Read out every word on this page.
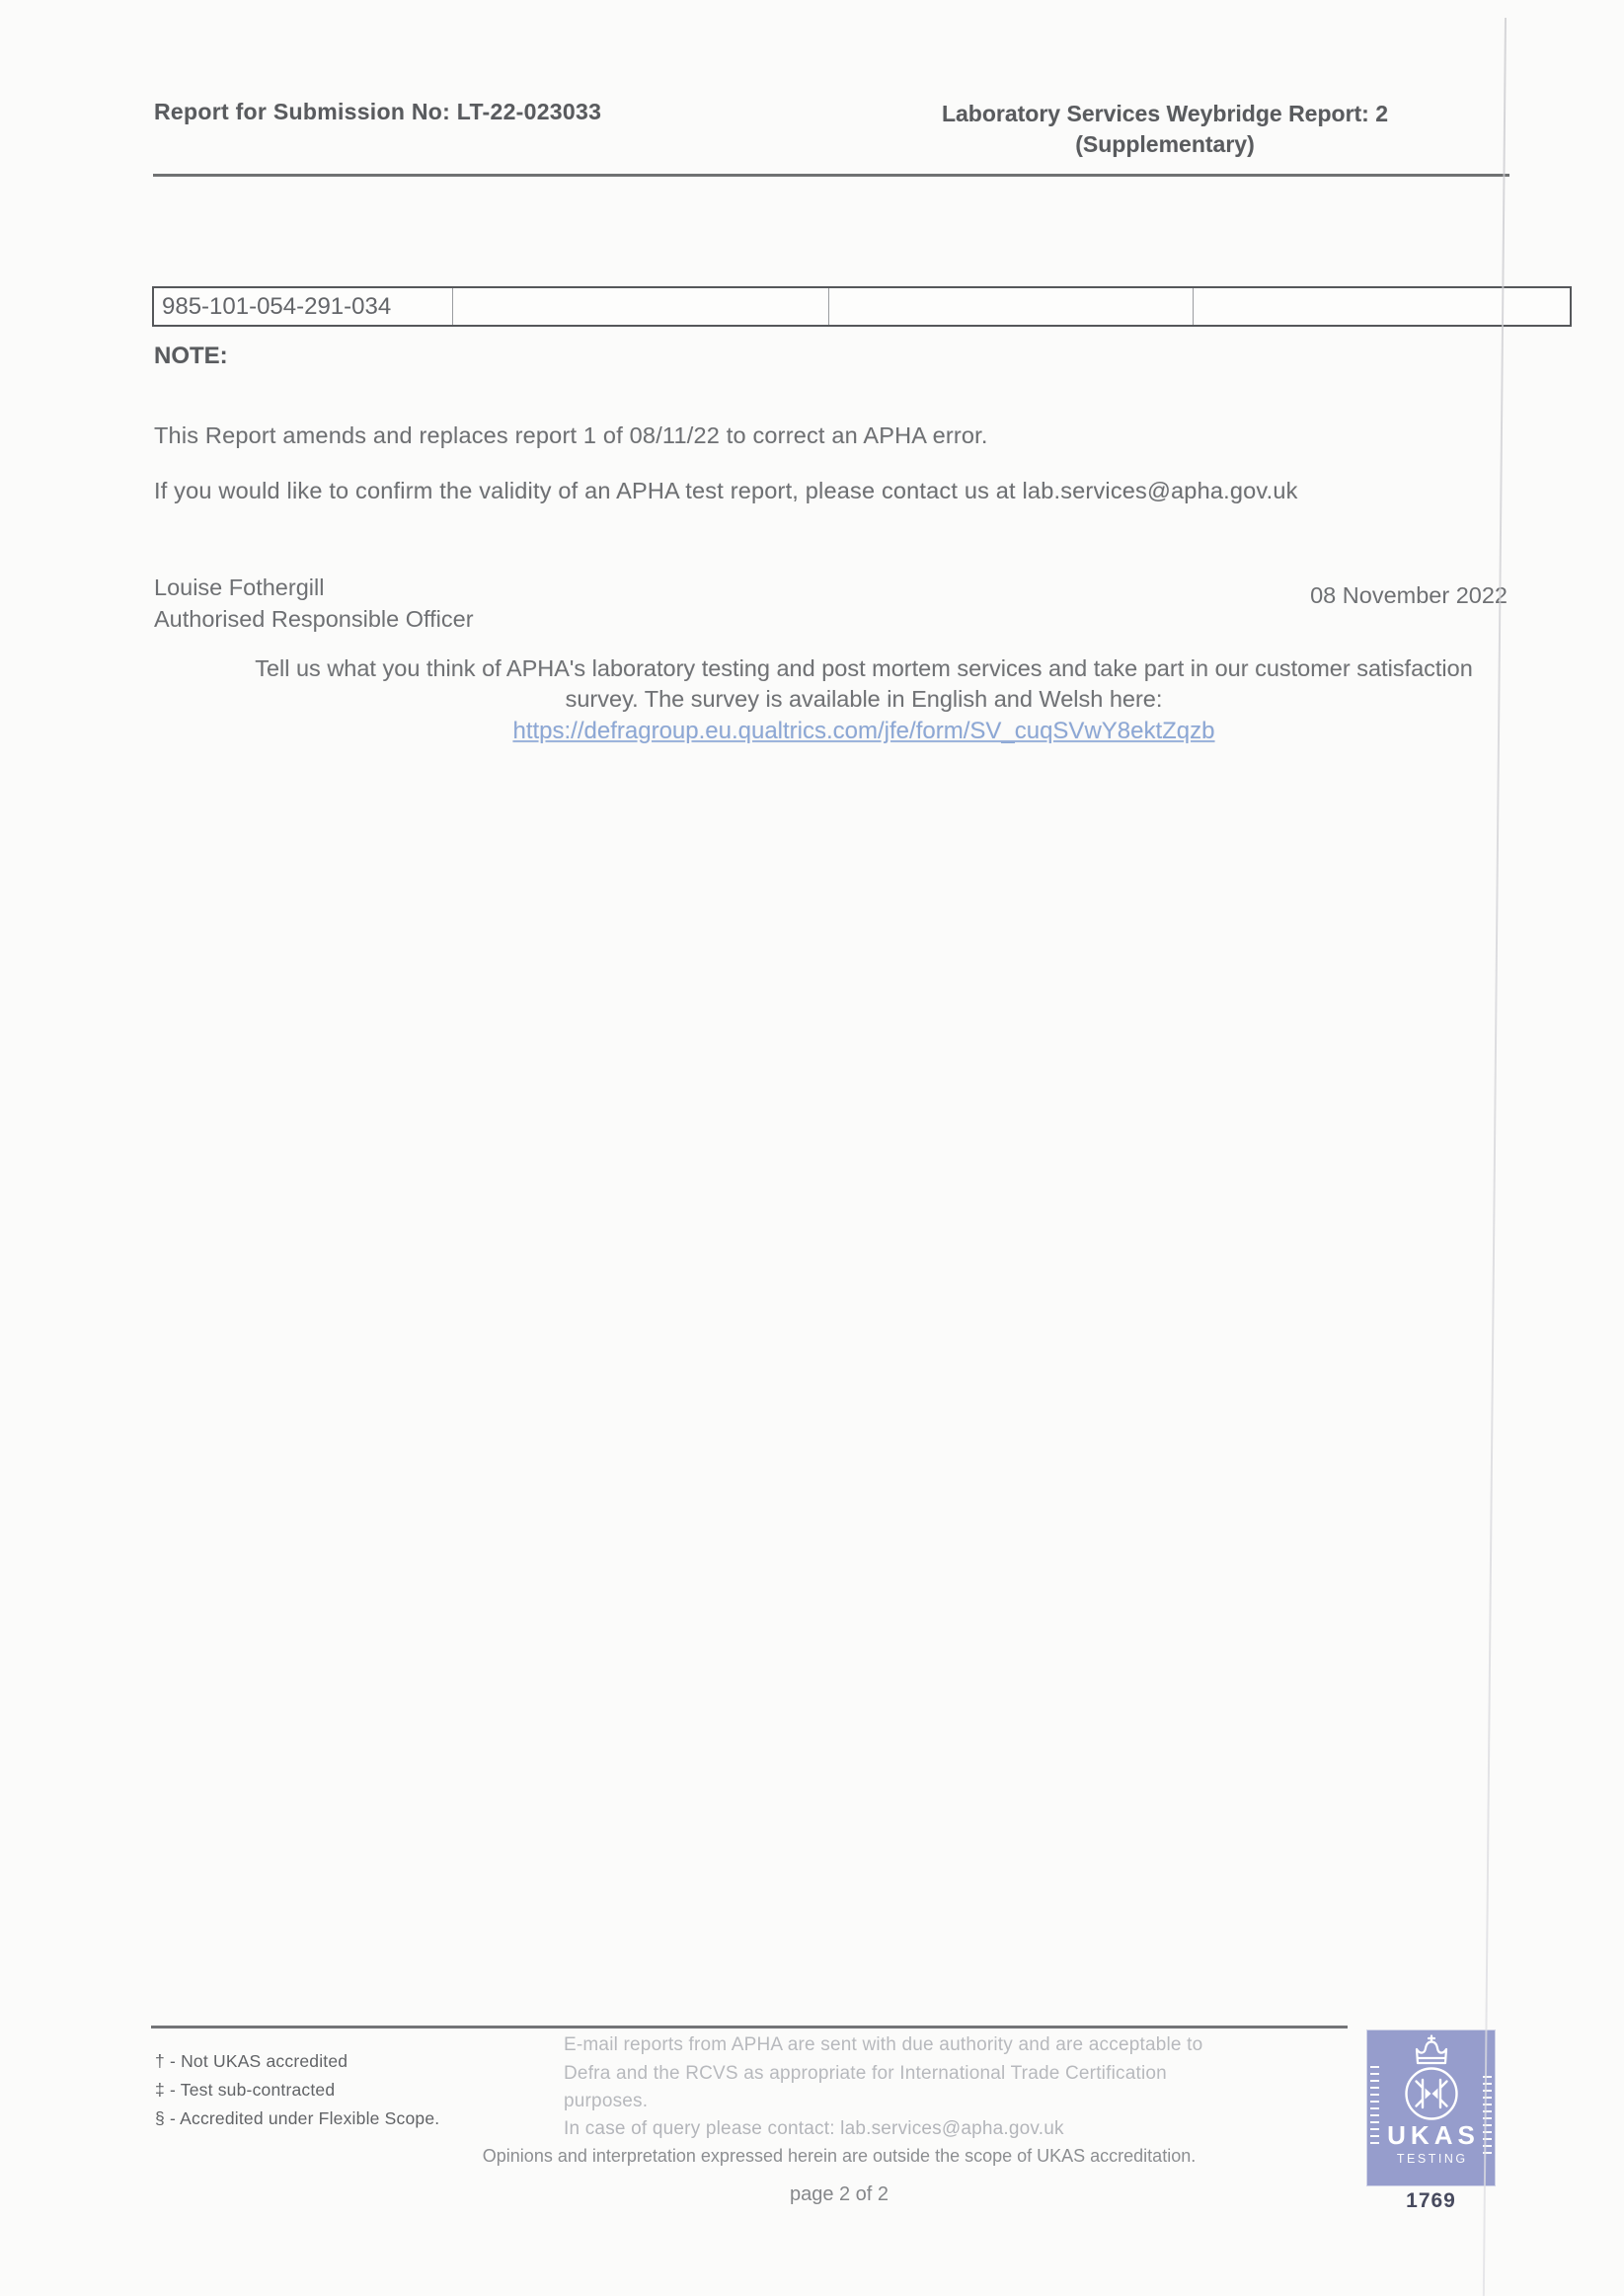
Report for Submission No: LT-22-023033	Laboratory Services Weybridge Report: 2
(Supplementary)
985-101-054-291-034
NOTE:
This Report amends and replaces report 1 of 08/11/22 to correct an APHA error.
If you would like to confirm the validity of an APHA test report, please contact us at lab.services@apha.gov.uk
Louise Fothergill
Authorised Responsible Officer
08 November 2022
Tell us what you think of APHA's laboratory testing and post mortem services and take part in our customer satisfaction
survey. The survey is available in English and Welsh here:
https://defragroup.eu.qualtrics.com/jfe/form/SV_cuqSVwY8ektZqzb
† - Not UKAS accredited
‡ - Test sub-contracted
§ - Accredited under Flexible Scope.
E-mail reports from APHA are sent with due authority and are acceptable to
Defra and the RCVS as appropriate for International Trade Certification
purposes.
In case of query please contact: lab.services@apha.gov.uk
Opinions and interpretation expressed herein are outside the scope of UKAS accreditation.
page 2 of 2
UKAS
TESTING
1769
